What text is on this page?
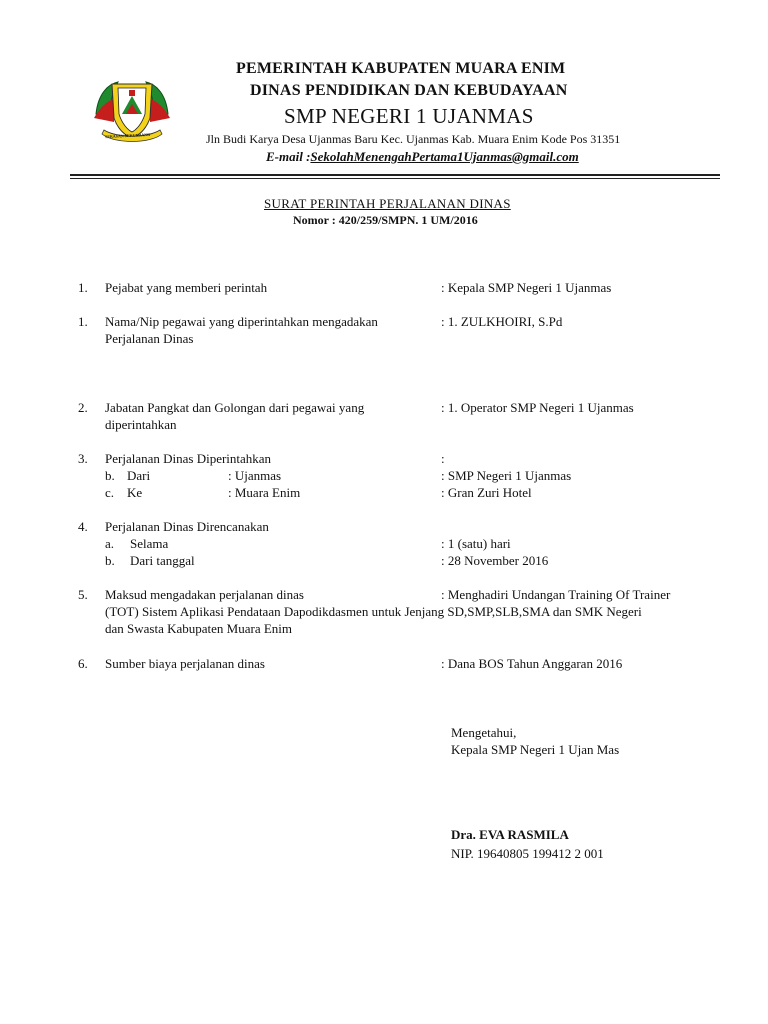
SERASAN SEKUNDANG
PEMERINTAH KABUPATEN MUARA ENIM
DINAS PENDIDIKAN DAN KEBUDAYAAN
SMP NEGERI 1 UJANMAS
Jln Budi Karya Desa Ujanmas Baru Kec. Ujanmas Kab. Muara Enim Kode Pos 31351
E-mail :SekolahMenengahPertama1Ujanmas@gmail.com
SURAT PERINTAH PERJALANAN DINAS
Nomor : 420/259/SMPN. 1 UM/2016
1. Pejabat yang memberi perintah	: Kepala SMP Negeri 1 Ujanmas
1. Nama/Nip pegawai yang diperintahkan mengadakan
Perjalanan Dinas
: 1. ZULKHOIRI, S.Pd
2. Jabatan Pangkat dan Golongan dari pegawai yang
diperintahkan
: 1. Operator SMP Negeri 1 Ujanmas
3. Perjalanan Dinas Diperintahkan	:
b. Dari	: Ujanmas	: SMP Negeri 1 Ujanmas
c. Ke	: Muara Enim	: Gran Zuri Hotel
4. Perjalanan Dinas Direncanakan
a. Selama	: 1 (satu) hari
b. Dari tanggal	: 28 November 2016
5. Maksud mengadakan perjalanan dinas	: Menghadiri Undangan Training Of Trainer
(TOT) Sistem Aplikasi Pendataan Dapodikdasmen untuk Jenjang SD,SMP,SLB,SMA dan SMK Negeri
dan Swasta Kabupaten Muara Enim
6. Sumber biaya perjalanan dinas	: Dana BOS Tahun Anggaran 2016
Mengetahui,
Kepala SMP Negeri 1 Ujan Mas
Dra. EVA RASMILA
NIP. 19640805 199412 2 001
